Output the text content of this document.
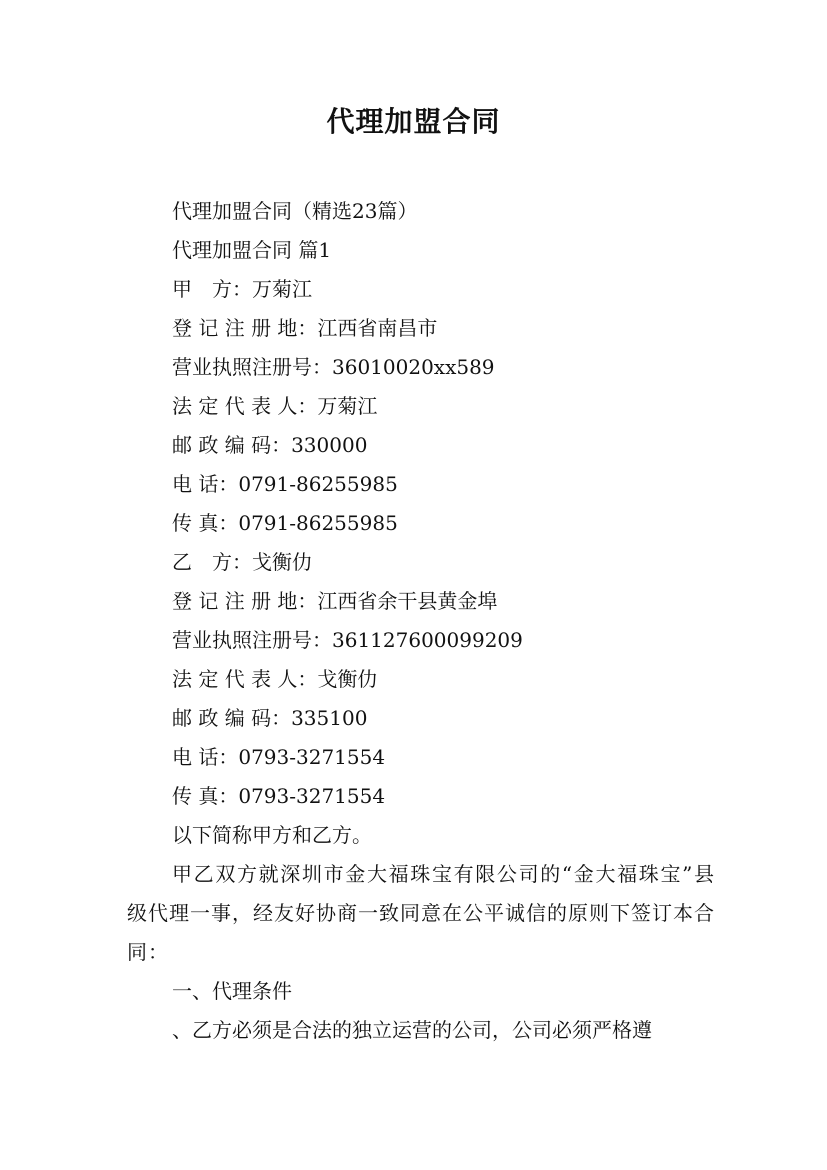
代理加盟合同
代理加盟合同（精选23篇）
代理加盟合同 篇1
甲　方：万菊江
登 记 注 册 地：江西省南昌市
营业执照注册号：36010020xx589
法 定 代 表 人：万菊江
邮 政 编 码：330000
电 话：0791-86255985
传 真：0791-86255985
乙　方：戈衡仂
登 记 注 册 地：江西省余干县黄金埠
营业执照注册号：361127600099209
法 定 代 表 人：戈衡仂
邮 政 编 码：335100
电 话：0793-3271554
传 真：0793-3271554
以下简称甲方和乙方。
甲乙双方就深圳市金大福珠宝有限公司的“金大福珠宝”县级代理一事，经友好协商一致同意在公平诚信的原则下签订本合同：
一、代理条件
、乙方必须是合法的独立运营的公司，公司必须严格遵
